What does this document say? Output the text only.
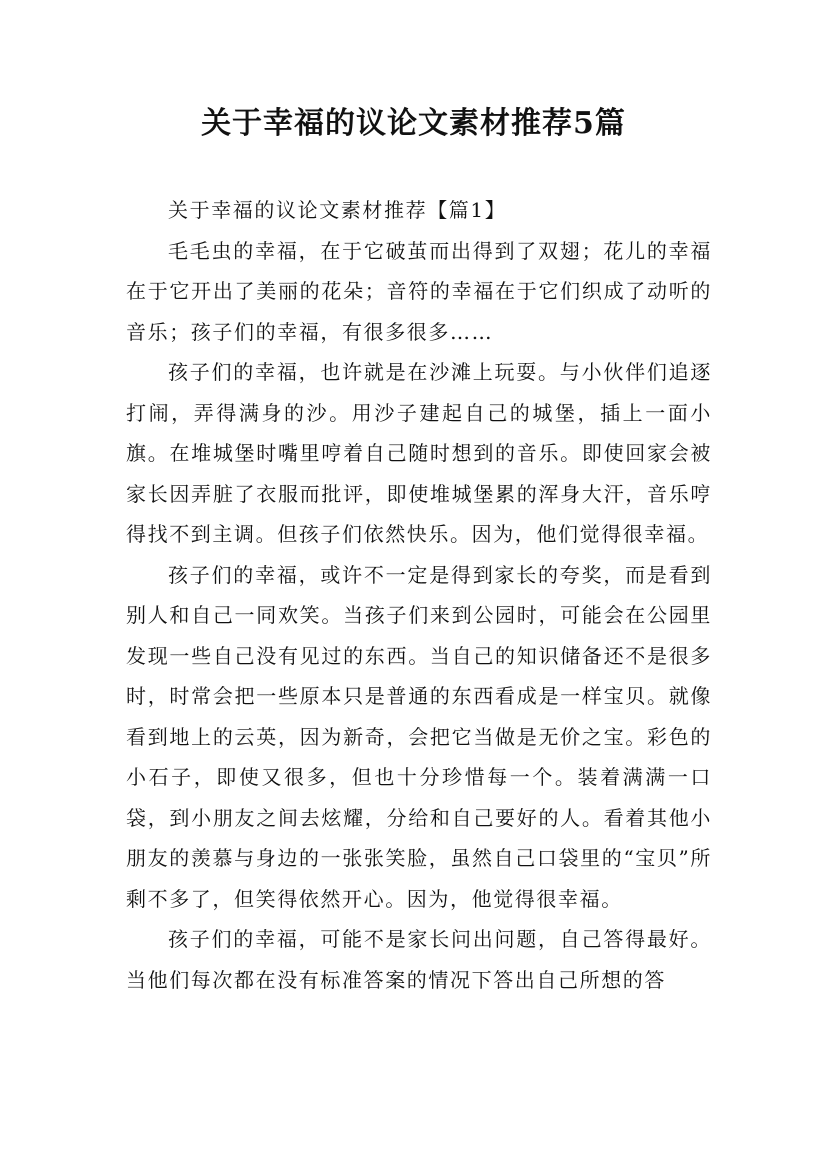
关于幸福的议论文素材推荐5篇

关于幸福的议论文素材推荐【篇1】

毛毛虫的幸福，在于它破茧而出得到了双翅；花儿的幸福在于它开出了美丽的花朵；音符的幸福在于它们织成了动听的音乐；孩子们的幸福，有很多很多……

孩子们的幸福，也许就是在沙滩上玩耍。与小伙伴们追逐打闹，弄得满身的沙。用沙子建起自己的城堡，插上一面小旗。在堆城堡时嘴里哼着自己随时想到的音乐。即使回家会被家长因弄脏了衣服而批评，即使堆城堡累的浑身大汗，音乐哼得找不到主调。但孩子们依然快乐。因为，他们觉得很幸福。

孩子们的幸福，或许不一定是得到家长的夸奖，而是看到别人和自己一同欢笑。当孩子们来到公园时，可能会在公园里发现一些自己没有见过的东西。当自己的知识储备还不是很多时，时常会把一些原本只是普通的东西看成是一样宝贝。就像看到地上的云英，因为新奇，会把它当做是无价之宝。彩色的小石子，即使又很多，但也十分珍惜每一个。装着满满一口袋，到小朋友之间去炫耀，分给和自己要好的人。看着其他小朋友的羡慕与身边的一张张笑脸，虽然自己口袋里的“宝贝”所剩不多了，但笑得依然开心。因为，他觉得很幸福。

孩子们的幸福，可能不是家长问出问题，自己答得最好。当他们每次都在没有标准答案的情况下答出自己所想的答
